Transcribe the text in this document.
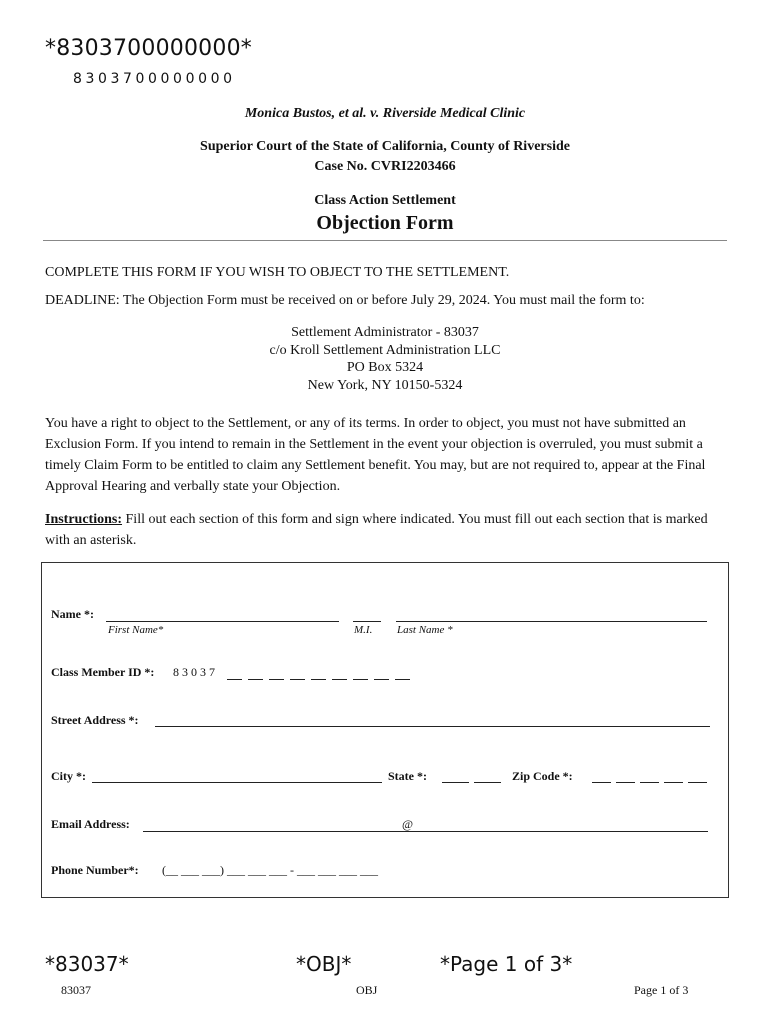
*8303700000000*
8303700000000
Monica Bustos, et al. v. Riverside Medical Clinic
Superior Court of the State of California, County of Riverside
Case No. CVRI2203466
Class Action Settlement
Objection Form
COMPLETE THIS FORM IF YOU WISH TO OBJECT TO THE SETTLEMENT.
DEADLINE: The Objection Form must be received on or before July 29, 2024. You must mail the form to:
Settlement Administrator - 83037
c/o Kroll Settlement Administration LLC
PO Box 5324
New York, NY 10150-5324
You have a right to object to the Settlement, or any of its terms. In order to object, you must not have submitted an Exclusion Form. If you intend to remain in the Settlement in the event your objection is overruled, you must submit a timely Claim Form to be entitled to claim any Settlement benefit. You may, but are not required to, appear at the Final Approval Hearing and verbally state your Objection.
Instructions: Fill out each section of this form and sign where indicated. You must fill out each section that is marked with an asterisk.
Name *:
First Name*	M.I. Last Name *
Class Member ID *: 8 3 0 3 7
Street Address *:
City *:	State *:	Zip Code *:
Email Address:	@
Phone Number*: (__ ___ ___) ___ ___ ___ - ___ ___ ___ ___
*83037*	*OBJ*	*Page 1 of 3*
83037	OBJ	Page 1 of 3
